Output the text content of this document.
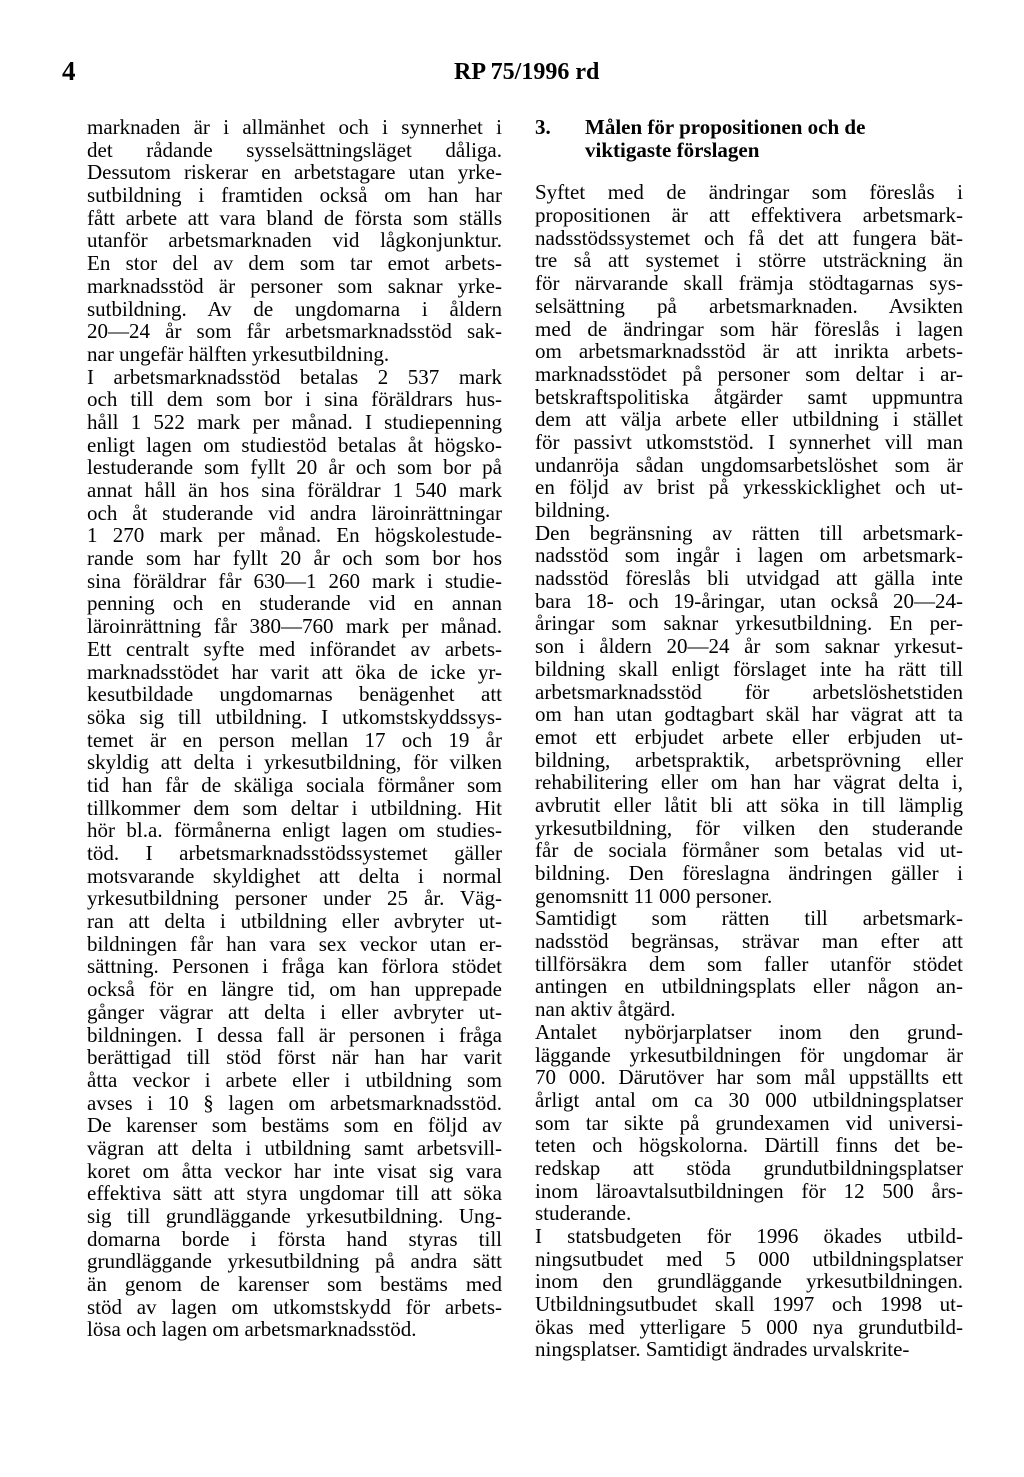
4	RP 75/1996 rd
marknaden är i allmänhet och i synnerhet i
det rådande sysselsättningsläget dåliga.
Dessutom riskerar en arbetstagare utan yrke-
sutbildning i framtiden också om han har
fått arbete att vara bland de första som ställs
utanför arbetsmarknaden vid lågkonjunktur.
En stor del av dem som tar emot arbets-
marknadsstöd är personer som saknar yrke-
sutbildning. Av de ungdomarna i åldern
20—24 år som får arbetsmarknadsstöd sak-
nar ungefär hälften yrkesutbildning.
I arbetsmarknadsstöd betalas 2 537 mark
och till dem som bor i sina föräldrars hus-
håll 1 522 mark per månad. I studiepenning
enligt lagen om studiestöd betalas åt högsko-
lestuderande som fyllt 20 år och som bor på
annat håll än hos sina föräldrar 1 540 mark
och åt studerande vid andra läroinrättningar
1 270 mark per månad. En högskolestude-
rande som har fyllt 20 år och som bor hos
sina föräldrar får 630—1 260 mark i studie-
penning och en studerande vid en annan
läroinrättning får 380—760 mark per månad.
Ett centralt syfte med införandet av arbets-
marknadsstödet har varit att öka de icke yr-
kesutbildade ungdomarnas benägenhet att
söka sig till utbildning. I utkomstskyddssys-
temet är en person mellan 17 och 19 år
skyldig att delta i yrkesutbildning, för vilken
tid han får de skäliga sociala förmåner som
tillkommer dem som deltar i utbildning. Hit
hör bl.a. förmånerna enligt lagen om studies-
töd. I arbetsmarknadsstödssystemet gäller
motsvarande skyldighet att delta i normal
yrkesutbildning personer under 25 år. Väg-
ran att delta i utbildning eller avbryter ut-
bildningen får han vara sex veckor utan er-
sättning. Personen i fråga kan förlora stödet
också för en längre tid, om han upprepade
gånger vägrar att delta i eller avbryter ut-
bildningen. I dessa fall är personen i fråga
berättigad till stöd först när han har varit
åtta veckor i arbete eller i utbildning som
avses i 10 § lagen om arbetsmarknadsstöd.
De karenser som bestäms som en följd av
vägran att delta i utbildning samt arbetsvill-
koret om åtta veckor har inte visat sig vara
effektiva sätt att styra ungdomar till att söka
sig till grundläggande yrkesutbildning. Ung-
domarna borde i första hand styras till
grundläggande yrkesutbildning på andra sätt
än genom de karenser som bestäms med
stöd av lagen om utkomstskydd för arbets-
lösa och lagen om arbetsmarknadsstöd.
3.	Målen för propositionen och de
viktigaste förslagen
Syftet med de ändringar som föreslås i
propositionen är att effektivera arbetsmark-
nadsstödssystemet och få det att fungera bät-
tre så att systemet i större utsträckning än
för närvarande skall främja stödtagarnas sys-
selsättning på arbetsmarknaden. Avsikten
med de ändringar som här föreslås i lagen
om arbetsmarknadsstöd är att inrikta arbets-
marknadsstödet på personer som deltar i ar-
betskraftspolitiska åtgärder samt uppmuntra
dem att välja arbete eller utbildning i stället
för passivt utkomststöd. I synnerhet vill man
undanröja sådan ungdomsarbetslöshet som är
en följd av brist på yrkesskicklighet och ut-
bildning.
Den begränsning av rätten till arbetsmark-
nadsstöd som ingår i lagen om arbetsmark-
nadsstöd föreslås bli utvidgad att gälla inte
bara 18- och 19-åringar, utan också 20—24-
åringar som saknar yrkesutbildning. En per-
son i åldern 20—24 år som saknar yrkesut-
bildning skall enligt förslaget inte ha rätt till
arbetsmarknadsstöd för arbetslöshetstiden
om han utan godtagbart skäl har vägrat att ta
emot ett erbjudet arbete eller erbjuden ut-
bildning, arbetspraktik, arbetsprövning eller
rehabilitering eller om han har vägrat delta i,
avbrutit eller låtit bli att söka in till lämplig
yrkesutbildning, för vilken den studerande
får de sociala förmåner som betalas vid ut-
bildning. Den föreslagna ändringen gäller i
genomsnitt 11 000 personer.
Samtidigt som rätten till arbetsmark-
nadsstöd begränsas, strävar man efter att
tillförsäkra dem som faller utanför stödet
antingen en utbildningsplats eller någon an-
nan aktiv åtgärd.
Antalet nybörjarplatser inom den grund-
läggande yrkesutbildningen för ungdomar är
70 000. Därutöver har som mål uppställts ett
årligt antal om ca 30 000 utbildningsplatser
som tar sikte på grundexamen vid universi-
teten och högskolorna. Därtill finns det be-
redskap att stöda grundutbildningsplatser
inom läroavtalsutbildningen för 12 500 års-
studerande.
I statsbudgeten för 1996 ökades utbild-
ningsutbudet med 5 000 utbildningsplatser
inom den grundläggande yrkesutbildningen.
Utbildningsutbudet skall 1997 och 1998 ut-
ökas med ytterligare 5 000 nya grundutbild-
ningsplatser. Samtidigt ändrades urvalskrite-
